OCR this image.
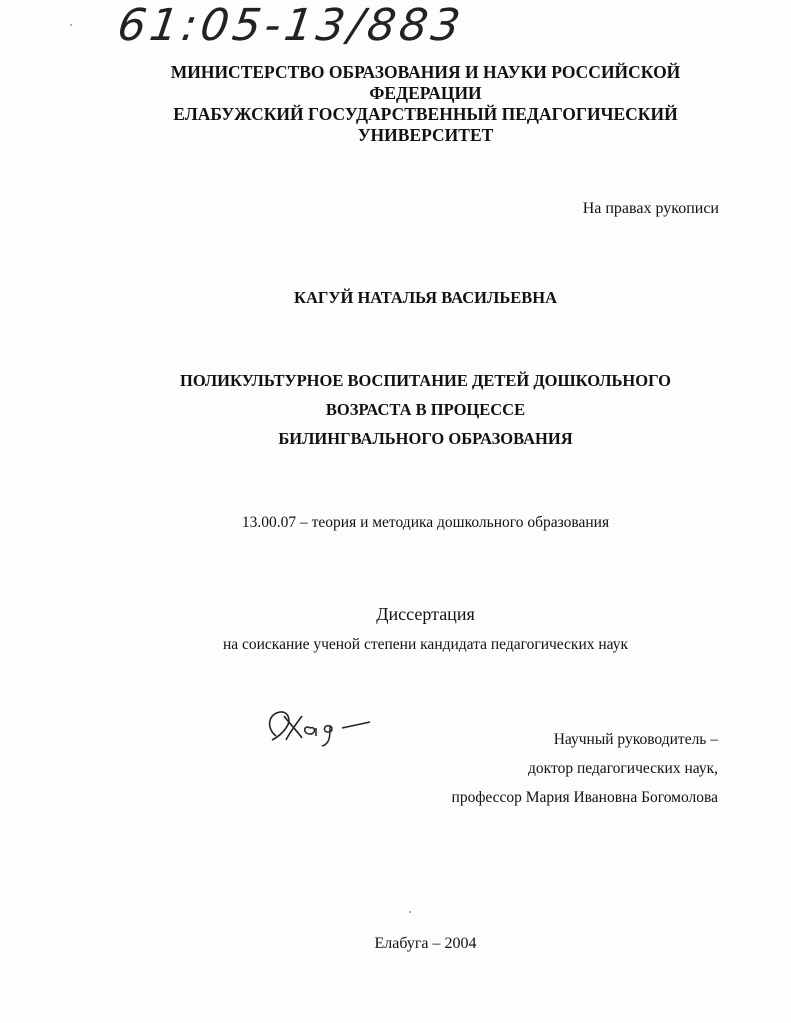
61:05-13/883
МИНИСТЕРСТВО ОБРАЗОВАНИЯ И НАУКИ РОССИЙСКОЙ
ФЕДЕРАЦИИ
ЕЛАБУЖСКИЙ ГОСУДАРСТВЕННЫЙ ПЕДАГОГИЧЕСКИЙ
УНИВЕРСИТЕТ
На правах рукописи
КАГУЙ НАТАЛЬЯ ВАСИЛЬЕВНА
ПОЛИКУЛЬТУРНОЕ ВОСПИТАНИЕ ДЕТЕЙ ДОШКОЛЬНОГО
ВОЗРАСТА В ПРОЦЕССЕ
БИЛИНГВАЛЬНОГО ОБРАЗОВАНИЯ
13.00.07 – теория и методика дошкольного образования
Диссертация
на соискание ученой степени кандидата педагогических наук
Научный руководитель –
доктор педагогических наук,
профессор Мария Ивановна Богомолова
Елабуга – 2004
